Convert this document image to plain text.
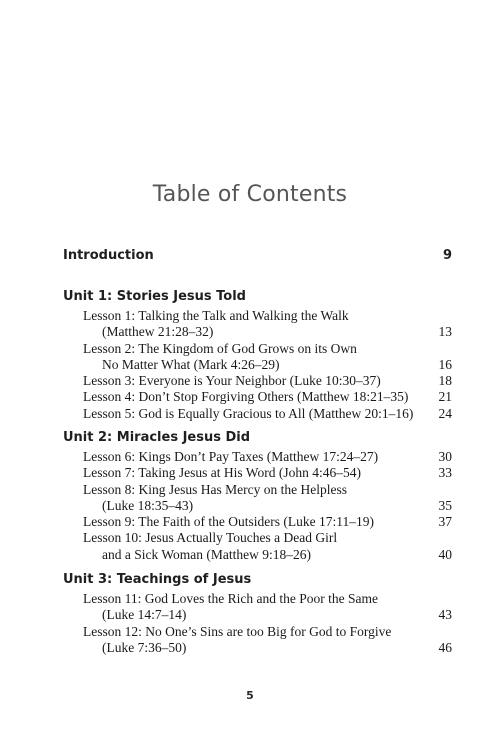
Table of Contents
Introduction	9
Unit 1: Stories Jesus Told
Lesson 1: Talking the Talk and Walking the Walk
(Matthew 21:28–32)	13
Lesson 2: The Kingdom of God Grows on its Own
No Matter What (Mark 4:26–29)	16
Lesson 3: Everyone is Your Neighbor (Luke 10:30–37)	18
Lesson 4: Don’t Stop Forgiving Others (Matthew 18:21–35)	21
Lesson 5: God is Equally Gracious to All (Matthew 20:1–16)	24
Unit 2: Miracles Jesus Did
Lesson 6: Kings Don’t Pay Taxes (Matthew 17:24–27)	30
Lesson 7: Taking Jesus at His Word (John 4:46–54)	33
Lesson 8: King Jesus Has Mercy on the Helpless
(Luke 18:35–43)	35
Lesson 9: The Faith of the Outsiders (Luke 17:11–19)	37
Lesson 10: Jesus Actually Touches a Dead Girl
and a Sick Woman (Matthew 9:18–26)	40
Unit 3: Teachings of Jesus
Lesson 11: God Loves the Rich and the Poor the Same
(Luke 14:7–14)	43
Lesson 12: No One’s Sins are too Big for God to Forgive
(Luke 7:36–50)	46
5
